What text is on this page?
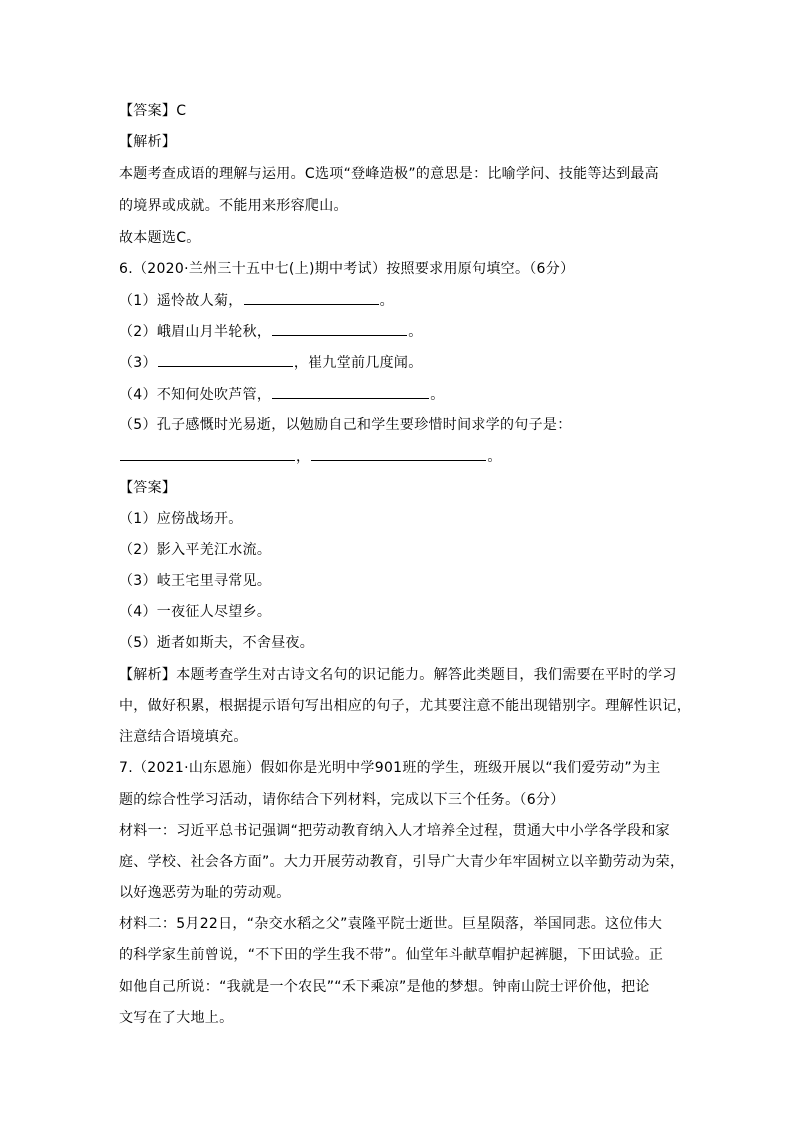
【答案】C
【解析】
本题考查成语的理解与运用。C选项“登峰造极”的意思是：比喻学问、技能等达到最高
的境界或成就。不能用来形容爬山。
故本题选C。
6.（2020·兰州三十五中七(上)期中考试）按照要求用原句填空。（6分）
（1）遥怜故人菊，	。
（2）峨眉山月半轮秋，	。
（3）	，崔九堂前几度闻。
（4）不知何处吹芦管，	。
（5）孔子感慨时光易逝，以勉励自己和学生要珍惜时间求学的句子是：
，	。
【答案】
（1）应傍战场开。
（2）影入平羌江水流。
（3）岐王宅里寻常见。
（4）一夜征人尽望乡。
（5）逝者如斯夫，不舍昼夜。
【解析】本题考查学生对古诗文名句的识记能力。解答此类题目，我们需要在平时的学习
中，做好积累，根据提示语句写出相应的句子，尤其要注意不能出现错别字。理解性识记，
注意结合语境填充。
7.（2021·山东恩施）假如你是光明中学901班的学生，班级开展以“我们爱劳动”为主
题的综合性学习活动，请你结合下列材料，完成以下三个任务。（6分）
材料一：习近平总书记强调“把劳动教育纳入人才培养全过程，贯通大中小学各学段和家
庭、学校、社会各方面”。大力开展劳动教育，引导广大青少年牢固树立以辛勤劳动为荣，
以好逸恶劳为耻的劳动观。
材料二：5月22日，“杂交水稻之父”袁隆平院士逝世。巨星陨落，举国同悲。这位伟大
的科学家生前曾说，“不下田的学生我不带”。仙堂年斗献草帽护起裤腿，下田试验。正
如他自己所说：“我就是一个农民”“禾下乘凉”是他的梦想。钟南山院士评价他，把论
文写在了大地上。
